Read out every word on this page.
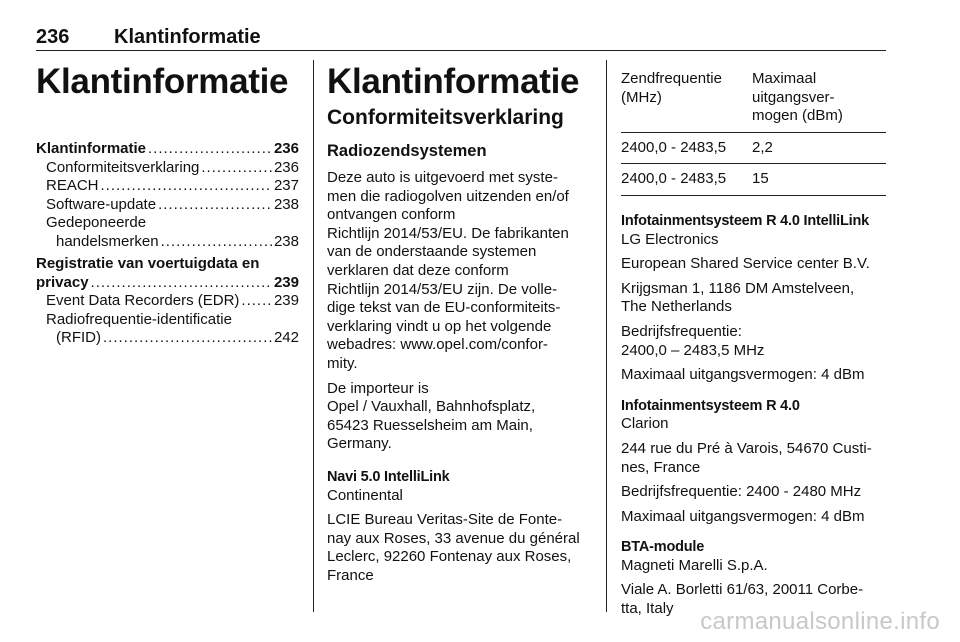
236 Klantinformatie
Klantinformatie
Klantinformatie .....	236
Conformiteitsverklaring .....	236
REACH .....	237
Software-update .....	238
Gedeponeerde
handelsmerken .....	238
Registratie van voertuigdata en
privacy .....	239
Event Data Recorders (EDR) ..... 239
Radiofrequentie-identificatie
(RFID) .....	242
Klantinformatie
Conformiteitsverklaring
Radiozendsystemen
Deze auto is uitgevoerd met syste-
men die radiogolven uitzenden en/of
ontvangen conform
Richtlijn 2014/53/EU. De fabrikanten
van de onderstaande systemen
verklaren dat deze conform
Richtlijn 2014/53/EU zijn. De volle-
dige tekst van de EU-conformiteits-
verklaring vindt u op het volgende
webadres: www.opel.com/confor-
mity.
De importeur is
Opel / Vauxhall, Bahnhofsplatz,
65423 Ruesselsheim am Main,
Germany.
Navi 5.0 IntelliLink
Continental
LCIE Bureau Veritas-Site de Fonte-
nay aux Roses, 33 avenue du général
Leclerc, 92260 Fontenay aux Roses,
France
Zendfrequentie
(MHz)	Maximaal
uitgangsver-
mogen (dBm)

2400,0 - 2483,5	2,2
2400,0 - 2483,5	15
Infotainmentsysteem R 4.0 IntelliLink
LG Electronics
European Shared Service center B.V.
Krijgsman 1, 1186 DM Amstelveen,
The Netherlands
Bedrijfsfrequentie:
2400,0 – 2483,5 MHz
Maximaal uitgangsvermogen: 4 dBm
Infotainmentsysteem R 4.0
Clarion
244 rue du Pré à Varois, 54670 Custi-
nes, France
Bedrijfsfrequentie: 2400 - 2480 MHz
Maximaal uitgangsvermogen: 4 dBm
BTA-module
Magneti Marelli S.p.A.
Viale A. Borletti 61/63, 20011 Corbe-
tta, Italy	carmanualsonline.info
